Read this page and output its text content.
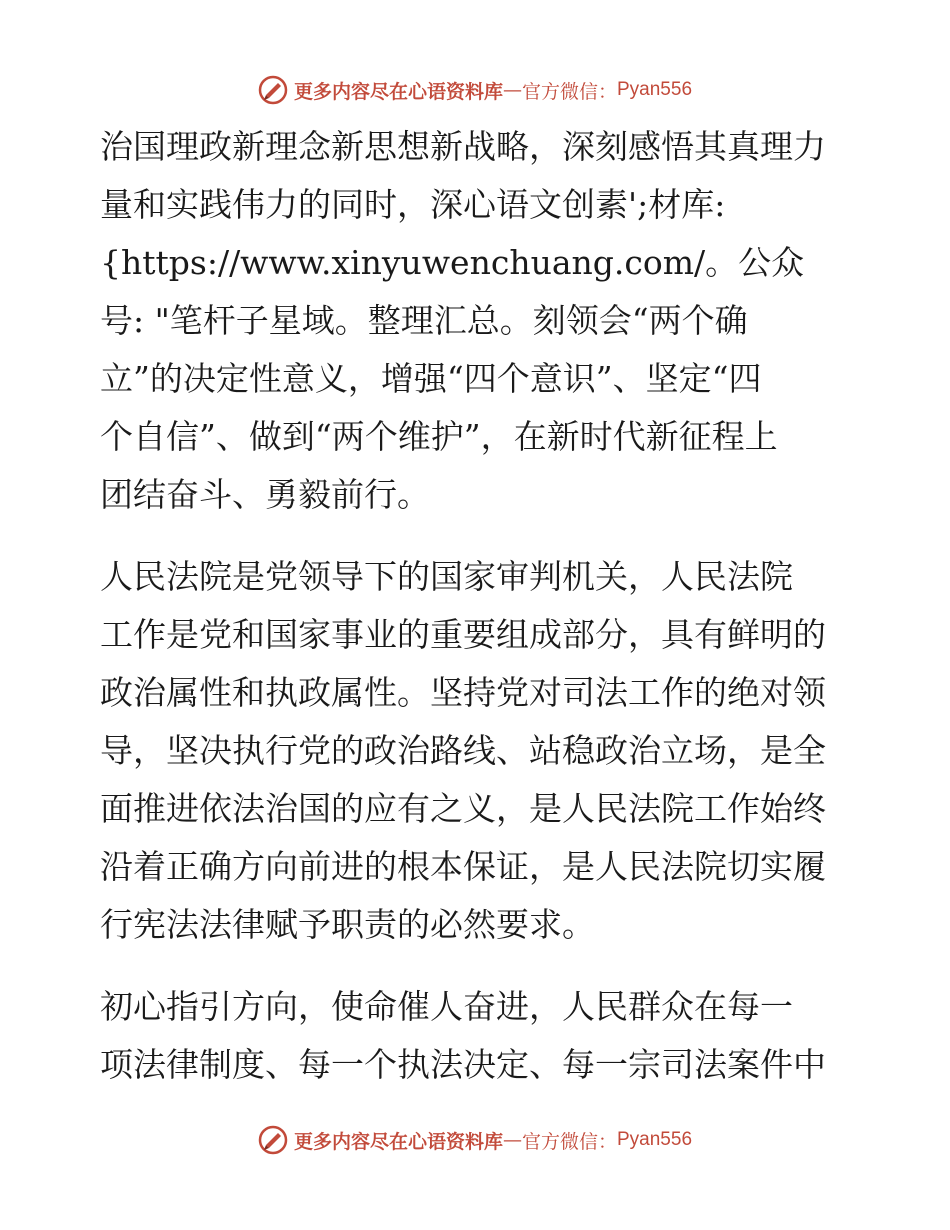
更多内容尽在心语资料库 — 官方微信： Pyan556
治国理政新理念新思想新战略，深刻感悟其真理力
量和实践伟力的同时，深心语文创素';材库:
{https://www.xinyuwenchuang.com/。公众
号: "笔杆子星域。整理汇总。刻领会“两个确
立”的决定性意义，增强“四个意识”、坚定“四
个自信”、做到“两个维护”，在新时代新征程上
团结奋斗、勇毅前行。
人民法院是党领导下的国家审判机关，人民法院
工作是党和国家事业的重要组成部分，具有鲜明的
政治属性和执政属性。坚持党对司法工作的绝对领
导，坚决执行党的政治路线、站稳政治立场，是全
面推进依法治国的应有之义，是人民法院工作始终
沿着正确方向前进的根本保证，是人民法院切实履
行宪法法律赋予职责的必然要求。
初心指引方向，使命催人奋进，人民群众在每一
项法律制度、每一个执法决定、每一宗司法案件中
更多内容尽在心语资料库 — 官方微信： Pyan556
